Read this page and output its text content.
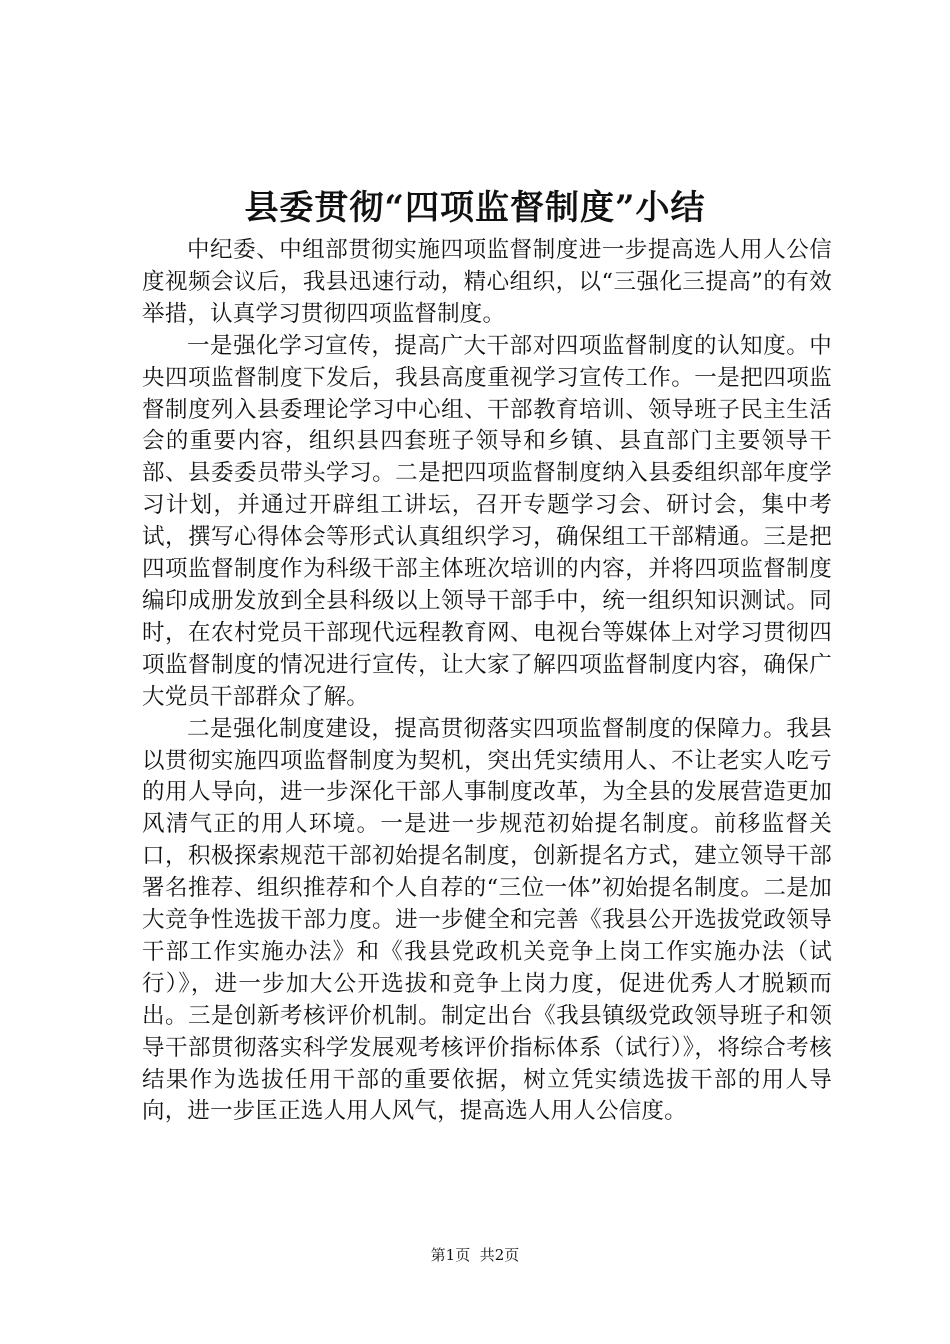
县委贯彻“四项监督制度”小结

中纪委、中组部贯彻实施四项监督制度进一步提高选人用人公信度视频会议后，我县迅速行动，精心组织，以“三强化三提高”的有效举措，认真学习贯彻四项监督制度。

一是强化学习宣传，提高广大干部对四项监督制度的认知度。中央四项监督制度下发后，我县高度重视学习宣传工作。一是把四项监督制度列入县委理论学习中心组、干部教育培训、领导班子民主生活会的重要内容，组织县四套班子领导和乡镇、县直部门主要领导干部、县委委员带头学习。二是把四项监督制度纳入县委组织部年度学习计划，并通过开辟组工讲坛，召开专题学习会、研讨会，集中考试，撰写心得体会等形式认真组织学习，确保组工干部精通。三是把四项监督制度作为科级干部主体班次培训的内容，并将四项监督制度编印成册发放到全县科级以上领导干部手中，统一组织知识测试。同时，在农村党员干部现代远程教育网、电视台等媒体上对学习贯彻四项监督制度的情况进行宣传，让大家了解四项监督制度内容，确保广大党员干部群众了解。

二是强化制度建设，提高贯彻落实四项监督制度的保障力。我县以贯彻实施四项监督制度为契机，突出凭实绩用人、不让老实人吃亏的用人导向，进一步深化干部人事制度改革，为全县的发展营造更加风清气正的用人环境。一是进一步规范初始提名制度。前移监督关口，积极探索规范干部初始提名制度，创新提名方式，建立领导干部署名推荐、组织推荐和个人自荐的“三位一体”初始提名制度。二是加大竞争性选拔干部力度。进一步健全和完善《我县公开选拔党政领导干部工作实施办法》和《我县党政机关竞争上岗工作实施办法（试行）》，进一步加大公开选拔和竞争上岗力度，促进优秀人才脱颖而出。三是创新考核评价机制。制定出台《我县镇级党政领导班子和领导干部贯彻落实科学发展观考核评价指标体系（试行）》，将综合考核结果作为选拔任用干部的重要依据，树立凭实绩选拔干部的用人导向，进一步匡正选人用人风气，提高选人用人公信度。

第1页 共2页
